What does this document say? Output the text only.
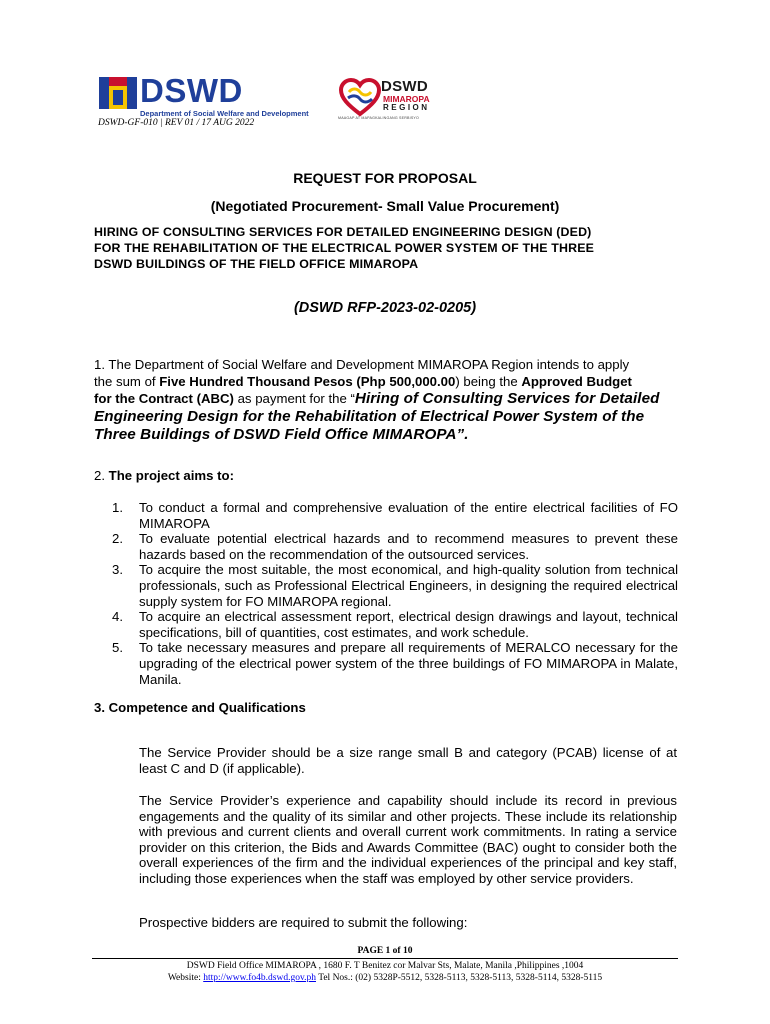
DSWD
Department of Social Welfare and Development
DSWD-GF-010 | REV 01 / 17 AUG 2022
DSWD
MIMAROPA
REGION
MAAGAP AT MAPAGKALINGANG SERBISYO
REQUEST FOR PROPOSAL
(Negotiated Procurement- Small Value Procurement)
HIRING OF CONSULTING SERVICES FOR DETAILED ENGINEERING DESIGN (DED)
FOR THE REHABILITATION OF THE ELECTRICAL POWER SYSTEM OF THE THREE
DSWD BUILDINGS OF THE FIELD OFFICE MIMAROPA
(DSWD RFP-2023-02-0205)
1. The Department of Social Welfare and Development MIMAROPA Region intends to apply
the sum of Five Hundred Thousand Pesos (Php 500,000.00) being the Approved Budget
for the Contract (ABC) as payment for the “Hiring of Consulting Services for Detailed
Engineering Design for the Rehabilitation of Electrical Power System of the
Three Buildings of DSWD Field Office MIMAROPA”.
2. The project aims to:
1. To conduct a formal and comprehensive evaluation of the entire electrical facilities of FO MIMAROPA
2. To evaluate potential electrical hazards and to recommend measures to prevent these hazards based on the recommendation of the outsourced services.
3. To acquire the most suitable, the most economical, and high-quality solution from technical professionals, such as Professional Electrical Engineers, in designing the required electrical supply system for FO MIMAROPA regional.
4. To acquire an electrical assessment report, electrical design drawings and layout, technical specifications, bill of quantities, cost estimates, and work schedule.
5. To take necessary measures and prepare all requirements of MERALCO necessary for the upgrading of the electrical power system of the three buildings of FO MIMAROPA in Malate, Manila.
3. Competence and Qualifications

The Service Provider should be a size range small B and category (PCAB) license of at least C and D (if applicable).

The Service Provider’s experience and capability should include its record in previous engagements and the quality of its similar and other projects. These include its relationship with previous and current clients and overall current work commitments. In rating a service provider on this criterion, the Bids and Awards Committee (BAC) ought to consider both the overall experiences of the firm and the individual experiences of the principal and key staff, including those experiences when the staff was employed by other service providers.

Prospective bidders are required to submit the following:

PAGE 1 of 10
DSWD Field Office MIMAROPA , 1680 F. T Benitez cor Malvar Sts, Malate, Manila ,Philippines ,1004
Website: http://www.fo4b.dswd.gov.ph Tel Nos.: (02) 5328P-5512, 5328-5113, 5328-5113, 5328-5114, 5328-5115
